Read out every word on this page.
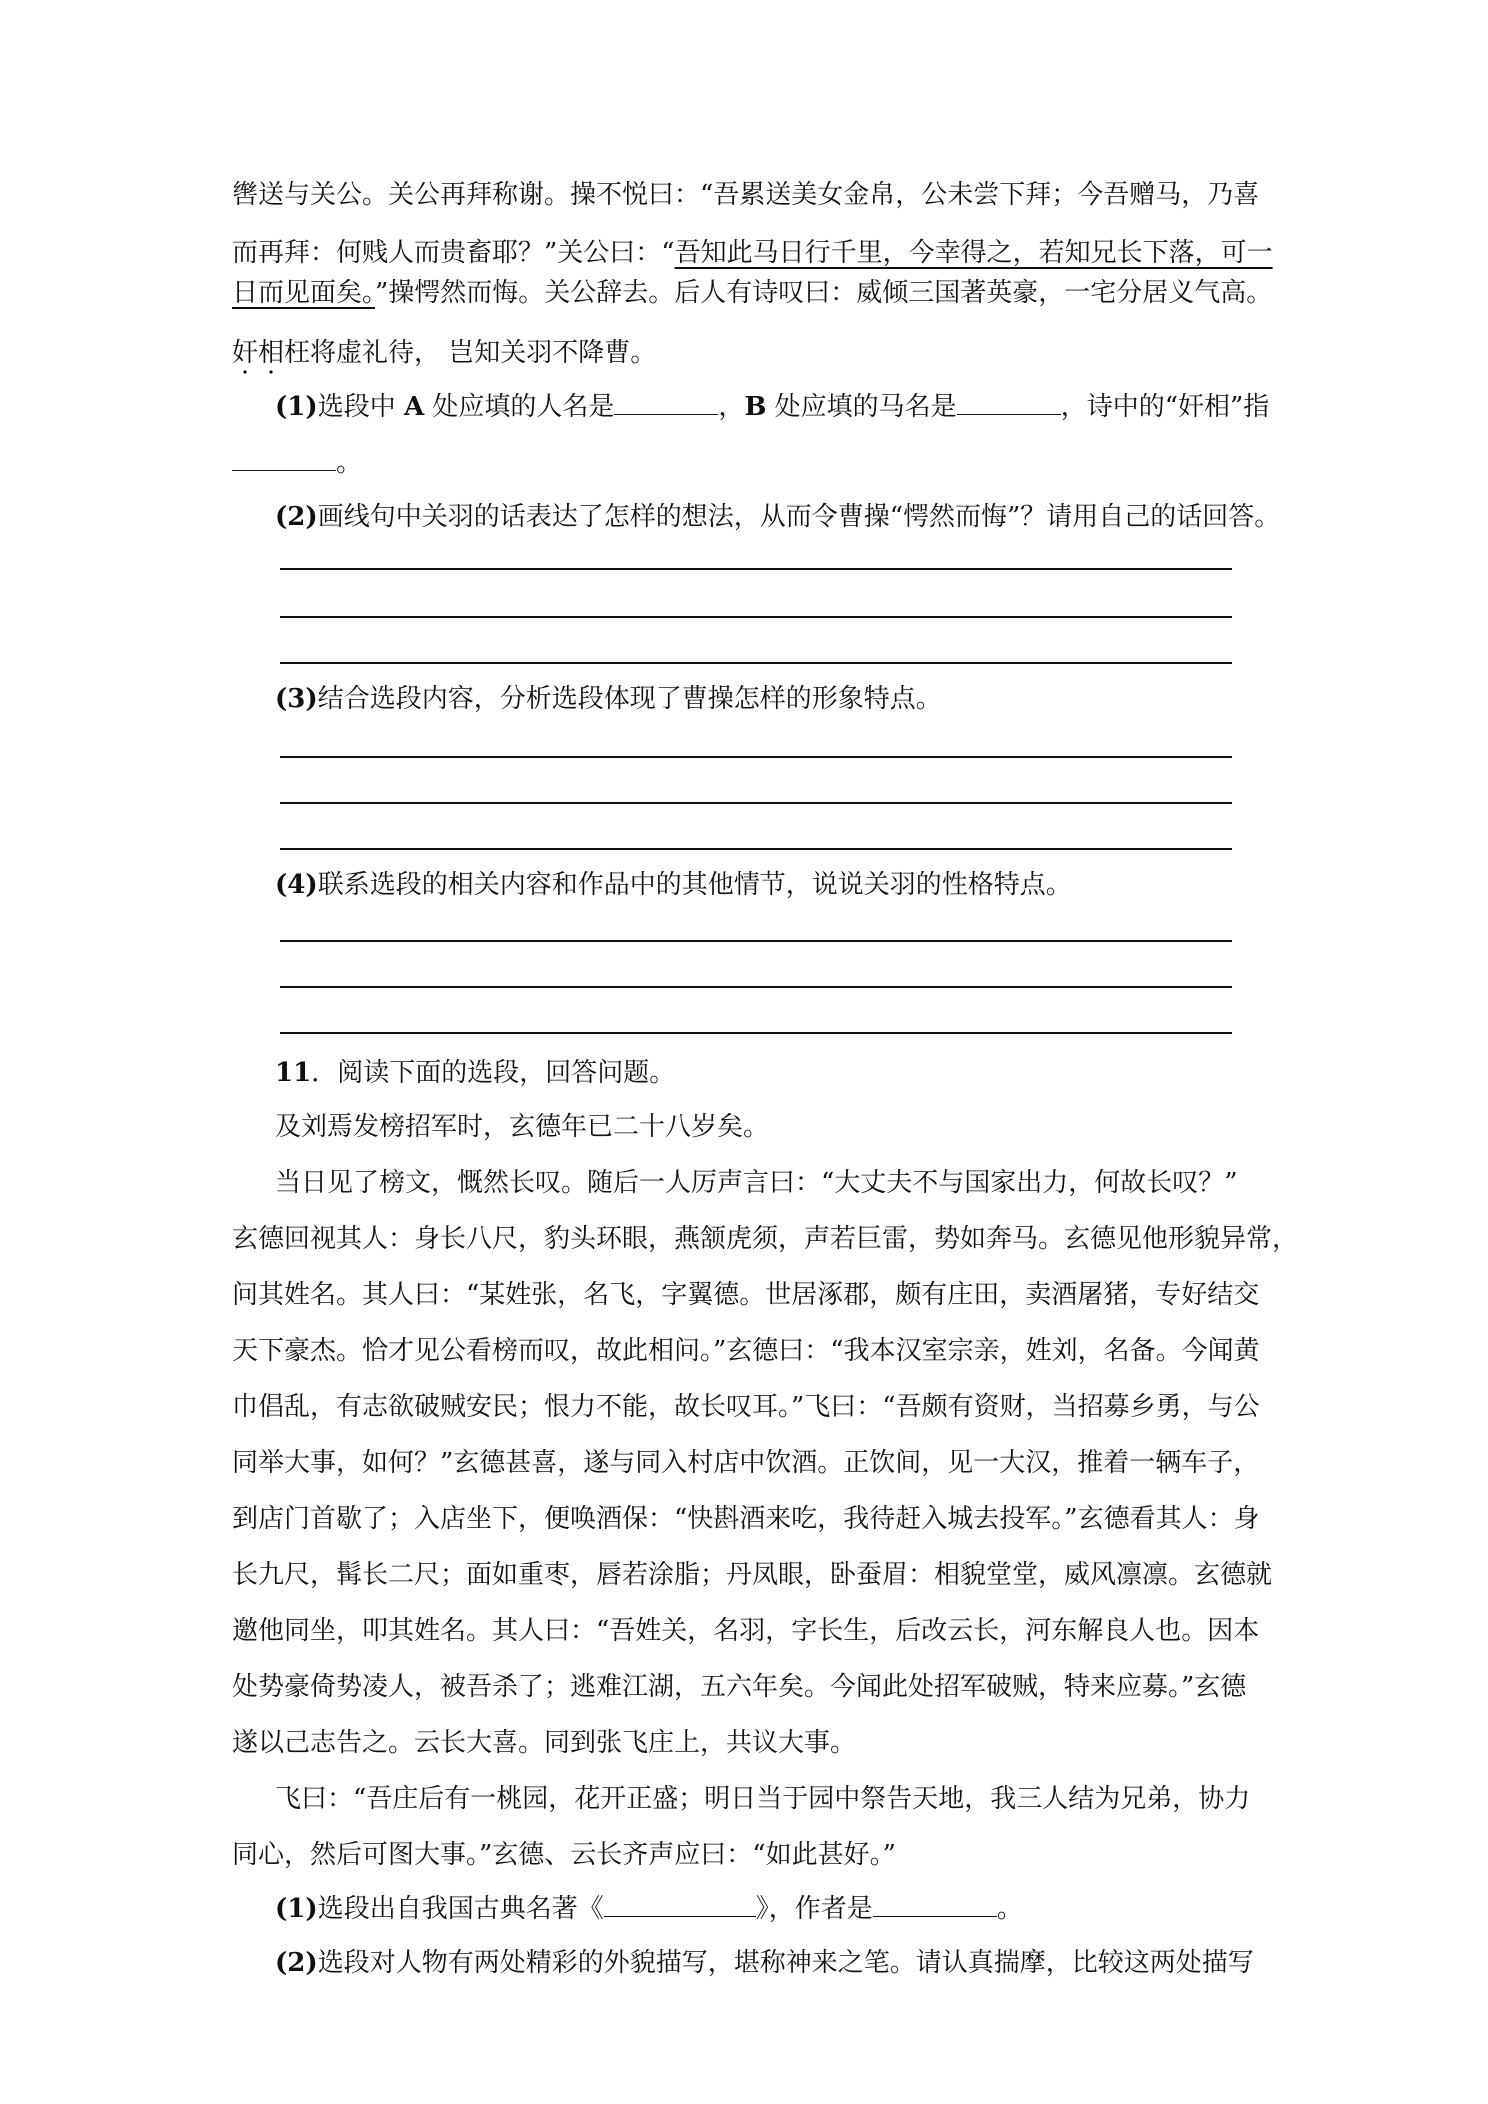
辔送与关公。关公再拜称谢。操不悦曰：“吾累送美女金帛，公未尝下拜；今吾赠马，乃喜
而再拜：何贱人而贵畜耶？”关公曰：“吾知此马日行千里，今幸得之，若知兄长下落，可一
日而见面矣。”操愕然而悔。关公辞去。后人有诗叹曰：威倾三国著英豪，一宅分居义气高。
奸相枉将虚礼待， 岂知关羽不降曹。
(1)选段中 A 处应填的人名是	，B 处应填的马名是	，诗中的“奸相”指
。
(2)画线句中关羽的话表达了怎样的想法，从而令曹操“愕然而悔”？请用自己的话回答。
(3)结合选段内容，分析选段体现了曹操怎样的形象特点。
(4)联系选段的相关内容和作品中的其他情节，说说关羽的性格特点。
11．阅读下面的选段，回答问题。
及刘焉发榜招军时，玄德年已二十八岁矣。
当日见了榜文，慨然长叹。随后一人厉声言曰：“大丈夫不与国家出力，何故长叹？”
玄德回视其人：身长八尺，豹头环眼，燕颔虎须，声若巨雷，势如奔马。玄德见他形貌异常，
问其姓名。其人曰：“某姓张，名飞，字翼德。世居涿郡，颇有庄田，卖酒屠猪，专好结交
天下豪杰。恰才见公看榜而叹，故此相问。”玄德曰：“我本汉室宗亲，姓刘，名备。今闻黄
巾倡乱，有志欲破贼安民；恨力不能，故长叹耳。”飞曰：“吾颇有资财，当招募乡勇，与公
同举大事，如何？”玄德甚喜，遂与同入村店中饮酒。正饮间，见一大汉，推着一辆车子，
到店门首歇了；入店坐下，便唤酒保：“快斟酒来吃，我待赶入城去投军。”玄德看其人：身
长九尺，髯长二尺；面如重枣，唇若涂脂；丹凤眼，卧蚕眉：相貌堂堂，威风凛凛。玄德就
邀他同坐，叩其姓名。其人曰：“吾姓关，名羽，字长生，后改云长，河东解良人也。因本
处势豪倚势凌人，被吾杀了；逃难江湖，五六年矣。今闻此处招军破贼，特来应募。”玄德
遂以己志告之。云长大喜。同到张飞庄上，共议大事。
飞曰：“吾庄后有一桃园，花开正盛；明日当于园中祭告天地，我三人结为兄弟，协力
同心，然后可图大事。”玄德、云长齐声应曰：“如此甚好。”
(1)选段出自我国古典名著《	》，作者是	。
(2)选段对人物有两处精彩的外貌描写，堪称神来之笔。请认真揣摩，比较这两处描写
